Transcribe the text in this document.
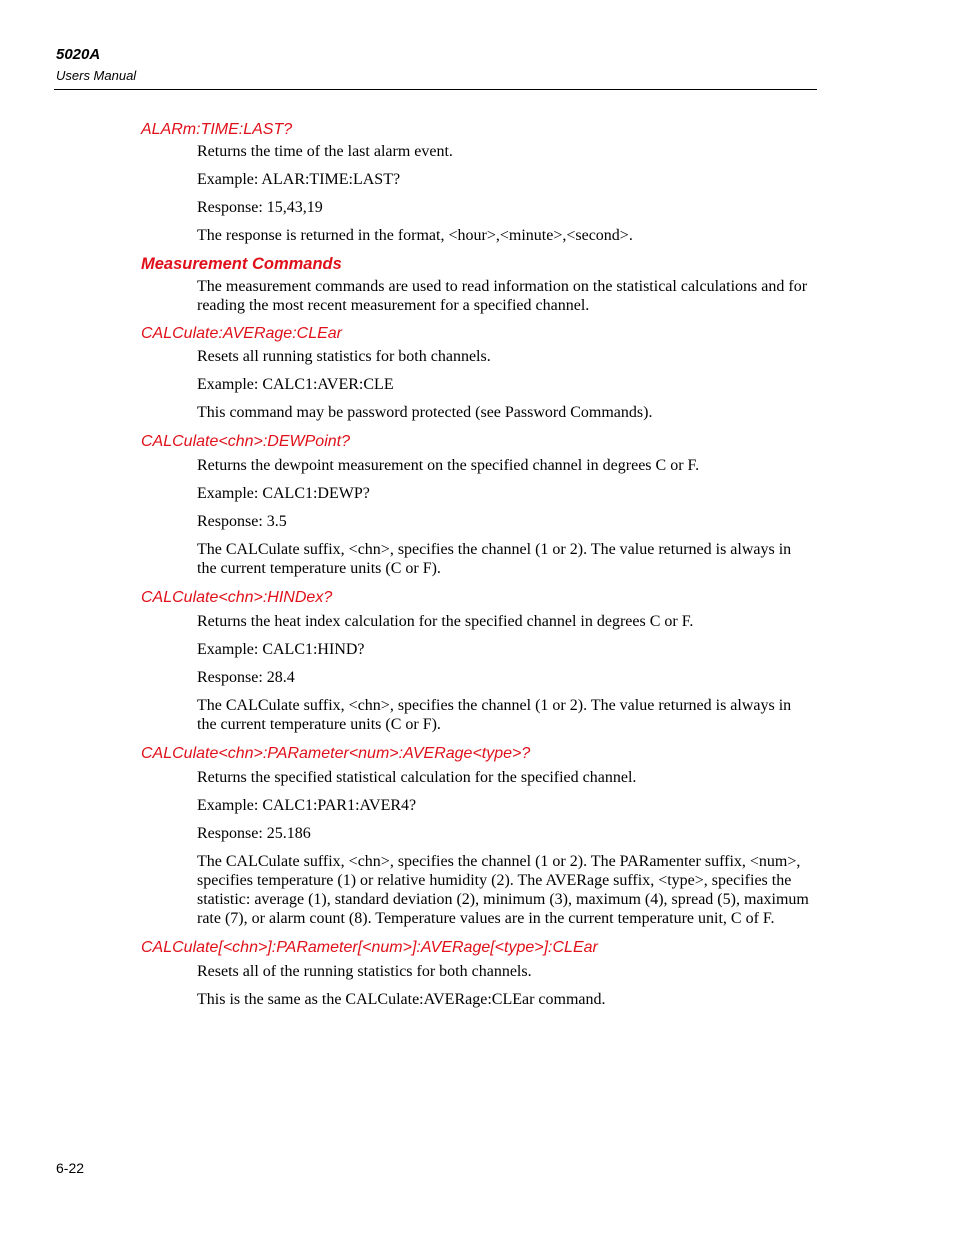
5020A
Users Manual
ALARm:TIME:LAST?
Returns the time of the last alarm event.
Example: ALAR:TIME:LAST?
Response: 15,43,19
The response is returned in the format, <hour>,<minute>,<second>.
Measurement Commands
The measurement commands are used to read information on the statistical calculations and for reading the most recent measurement for a specified channel.
CALCulate:AVERage:CLEar
Resets all running statistics for both channels.
Example: CALC1:AVER:CLE
This command may be password protected (see Password Commands).
CALCulate<chn>:DEWPoint?
Returns the dewpoint measurement on the specified channel in degrees C or F.
Example: CALC1:DEWP?
Response: 3.5
The CALCulate suffix, <chn>, specifies the channel (1 or 2). The value returned is always in the current temperature units (C or F).
CALCulate<chn>:HINDex?
Returns the heat index calculation for the specified channel in degrees C or F.
Example: CALC1:HIND?
Response: 28.4
The CALCulate suffix, <chn>, specifies the channel (1 or 2). The value returned is always in the current temperature units (C or F).
CALCulate<chn>:PARameter<num>:AVERage<type>?
Returns the specified statistical calculation for the specified channel.
Example: CALC1:PAR1:AVER4?
Response: 25.186
The CALCulate suffix, <chn>, specifies the channel (1 or 2). The PARamenter suffix, <num>, specifies temperature (1) or relative humidity (2). The AVERage suffix, <type>, specifies the statistic: average (1), standard deviation (2), minimum (3), maximum (4), spread (5), maximum rate (7), or alarm count (8). Temperature values are in the current temperature unit, C of F.
CALCulate[<chn>]:PARameter[<num>]:AVERage[<type>]:CLEar
Resets all of the running statistics for both channels.
This is the same as the CALCulate:AVERage:CLEar command.
6-22
